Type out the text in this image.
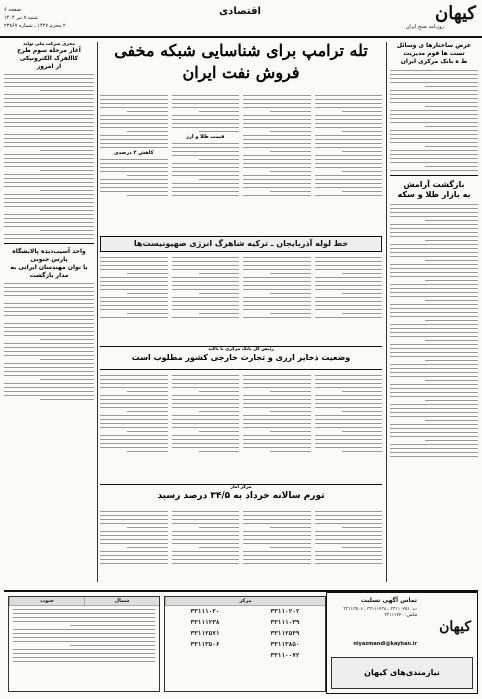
کیهان
روزنامه صبح ایران
اقتصادی
صفحه ۶
شنبه ۷ تیر ۱۴۰۴
۲ محرم ۱۴۴۷ ـ شماره ۲۳۸۶۷
عرض ساختارها ی وسائل تست ها قوم مدیریت
ط ه بانک مرکزی ایران
بازگشت آرامش
به بازار طلا و سکه
مجری شرکت ملی تولید
آغاز مرحله سوم طرح کاالفرک الکترونیکی
از امروز
واحد آسیب‌دیده پالایشگاه پارس جنوبی
با توان مهندسان ایرانی به مدار بازگشت
تله ترامپ برای شناسایی شبکه مخفی
فروش نفت ایران
قیمت طلا و ارز
کاهش ۲ درصدی
خط لوله آذربایجان ـ ترکیه شاهرگ انرژی صهیونیست‌ها
رئیس کل بانک مرکزی با تأکید
وضعیت ذخایر ارزی و تجارت خارجی کشور مطلوب است
مرکز آمار
تورم سالانه خرداد به ۳۴/۵ درصد رسید
شمال
جنوب	مرکز
۳۳۱۱۰۲۰۲
۳۳۱۱۱۰۳۹
۳۳۱۱۲۵۴۹
۳۳۱۱۳۸۵۰
۳۳۱۱۰۰۷۲
۳۳۱۱۱۰۲۰
۳۳۱۱۱۲۳۸
۳۳۱۱۲۵۷۱
۳۳۱۱۳۵۰۶
کیهان
تماس آگهی تسلیت
ت: ۳۳۱۱۰۲۵۱ ـ ۳۳۱۱۱۲۳۸ ـ ۳۳۱۱۳۵۰۶ فکس: ۳۳۱۱۱۲۲۰
niyazmandi@kayhan.ir
نیازمندی‌های کیهان
